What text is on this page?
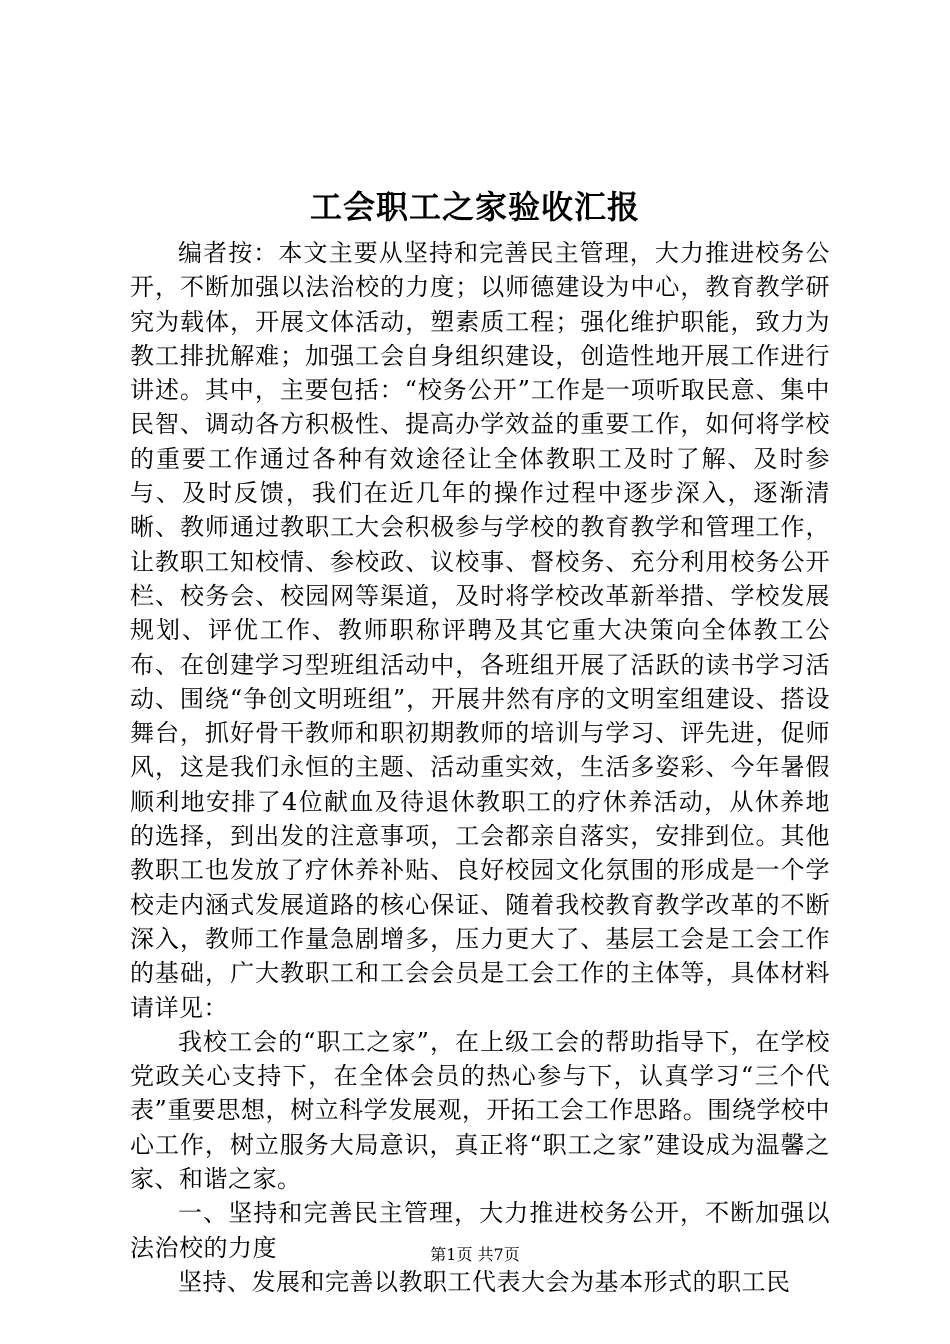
工会职工之家验收汇报

编者按：本文主要从坚持和完善民主管理，大力推进校务公开，不断加强以法治校的力度；以师德建设为中心，教育教学研究为载体，开展文体活动，塑素质工程；强化维护职能，致力为教工排扰解难；加强工会自身组织建设，创造性地开展工作进行讲述。其中，主要包括：“校务公开”工作是一项听取民意、集中民智、调动各方积极性、提高办学效益的重要工作，如何将学校的重要工作通过各种有效途径让全体教职工及时了解、及时参与、及时反馈，我们在近几年的操作过程中逐步深入，逐渐清晰、教师通过教职工大会积极参与学校的教育教学和管理工作，让教职工知校情、参校政、议校事、督校务、充分利用校务公开栏、校务会、校园网等渠道，及时将学校改革新举措、学校发展规划、评优工作、教师职称评聘及其它重大决策向全体教工公布、在创建学习型班组活动中，各班组开展了活跃的读书学习活动、围绕“争创文明班组”，开展井然有序的文明室组建设、搭设舞台，抓好骨干教师和职初期教师的培训与学习、评先进，促师风，这是我们永恒的主题、活动重实效，生活多姿彩、今年暑假顺利地安排了4位献血及待退休教职工的疗休养活动，从休养地的选择，到出发的注意事项，工会都亲自落实，安排到位。其他教职工也发放了疗休养补贴、良好校园文化氛围的形成是一个学校走内涵式发展道路的核心保证、随着我校教育教学改革的不断深入，教师工作量急剧增多，压力更大了、基层工会是工会工作的基础，广大教职工和工会会员是工会工作的主体等，具体材料请详见：

我校工会的“职工之家”，在上级工会的帮助指导下，在学校党政关心支持下，在全体会员的热心参与下，认真学习“三个代表”重要思想，树立科学发展观，开拓工会工作思路。围绕学校中心工作，树立服务大局意识，真正将“职工之家”建设成为温馨之家、和谐之家。

一、坚持和完善民主管理，大力推进校务公开，不断加强以法治校的力度

坚持、发展和完善以教职工代表大会为基本形式的职工民

第1页 共7页
